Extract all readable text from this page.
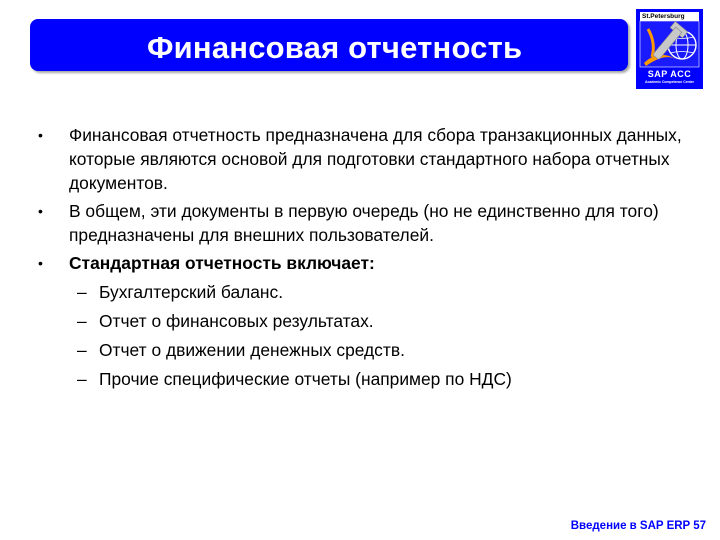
Финансовая отчетность
St.Petersburg
SAP ACC
Academic Competence Center
• Финансовая отчетность предназначена для сбора транзакционных данных, которые являются основой для подготовки стандартного набора отчетных документов.
• В общем, эти документы в первую очередь (но не единственно для того) предназначены для внешних пользователей.
• Стандартная отчетность включает:
– Бухгалтерский баланс.
– Отчет о финансовых результатах.
– Отчет о движении денежных средств.
– Прочие специфические отчеты (например по НДС)
Введение в SAP ERP 57
